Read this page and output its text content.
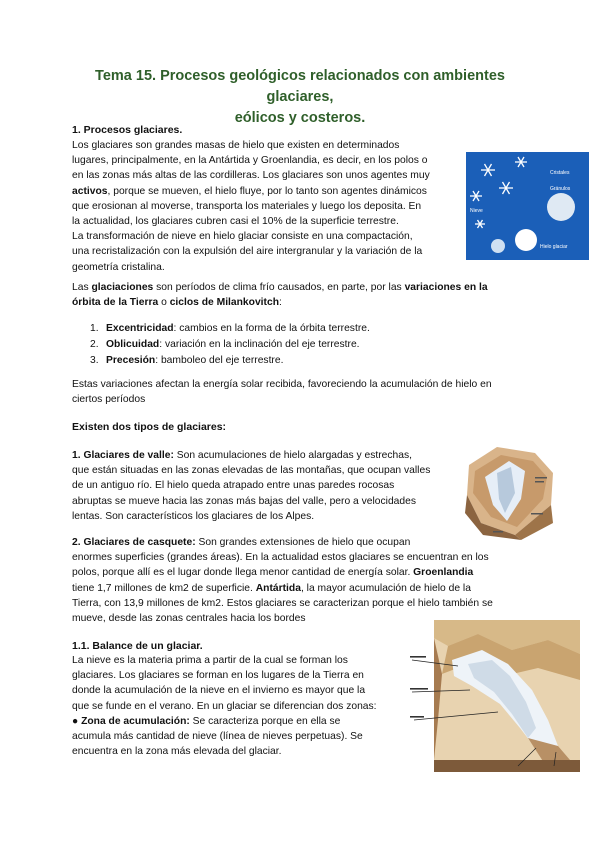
Tema 15. Procesos geológicos relacionados con ambientes glaciares,
eólicos y costeros.
1. Procesos glaciares.
Los glaciares son grandes masas de hielo que existen en determinados
lugares, principalmente, en la Antártida y Groenlandia, es decir, en los polos o
en las zonas más altas de las cordilleras. Los glaciares son unos agentes muy
activos, porque se mueven, el hielo fluye, por lo tanto son agentes dinámicos
que erosionan al moverse, transporta los materiales y luego los deposita. En
la actualidad, los glaciares cubren casi el 10% de la superficie terrestre.
La transformación de nieve en hielo glaciar consiste en una compactación,
una recristalización con la expulsión del aire intergranular y la variación de la
geometría cristalina.
Cristales
Gránulos
Nieve
Hielo glaciar
Las glaciaciones son períodos de clima frío causados, en parte, por las variaciones en la
órbita de la Tierra o ciclos de Milankovitch:
1. Excentricidad: cambios en la forma de la órbita terrestre.
2. Oblicuidad: variación en la inclinación del eje terrestre.
3. Precesión: bamboleo del eje terrestre.
Estas variaciones afectan la energía solar recibida, favoreciendo la acumulación de hielo en
ciertos períodos
Existen dos tipos de glaciares:
1. Glaciares de valle: Son acumulaciones de hielo alargadas y estrechas,
que están situadas en las zonas elevadas de las montañas, que ocupan valles
de un antiguo río. El hielo queda atrapado entre unas paredes rocosas
abruptas se mueve hacia las zonas más bajas del valle, pero a velocidades
lentas. Son característicos los glaciares de los Alpes.
2. Glaciares de casquete: Son grandes extensiones de hielo que ocupan
enormes superficies (grandes áreas). En la actualidad estos glaciares se encuentran en los
polos, porque allí es el lugar donde llega menor cantidad de energía solar. Groenlandia
tiene 1,7 millones de km2 de superficie. Antártida, la mayor acumulación de hielo de la
Tierra, con 13,9 millones de km2. Estos glaciares se caracterizan porque el hielo también se
mueve, desde las zonas centrales hacia los bordes
1.1. Balance de un glaciar.
La nieve es la materia prima a partir de la cual se forman los
glaciares. Los glaciares se forman en los lugares de la Tierra en
donde la acumulación de la nieve en el invierno es mayor que la
que se funde en el verano. En un glaciar se diferencian dos zonas:
● Zona de acumulación: Se caracteriza porque en ella se
acumula más cantidad de nieve (línea de nieves perpetuas). Se
encuentra en la zona más elevada del glaciar.
